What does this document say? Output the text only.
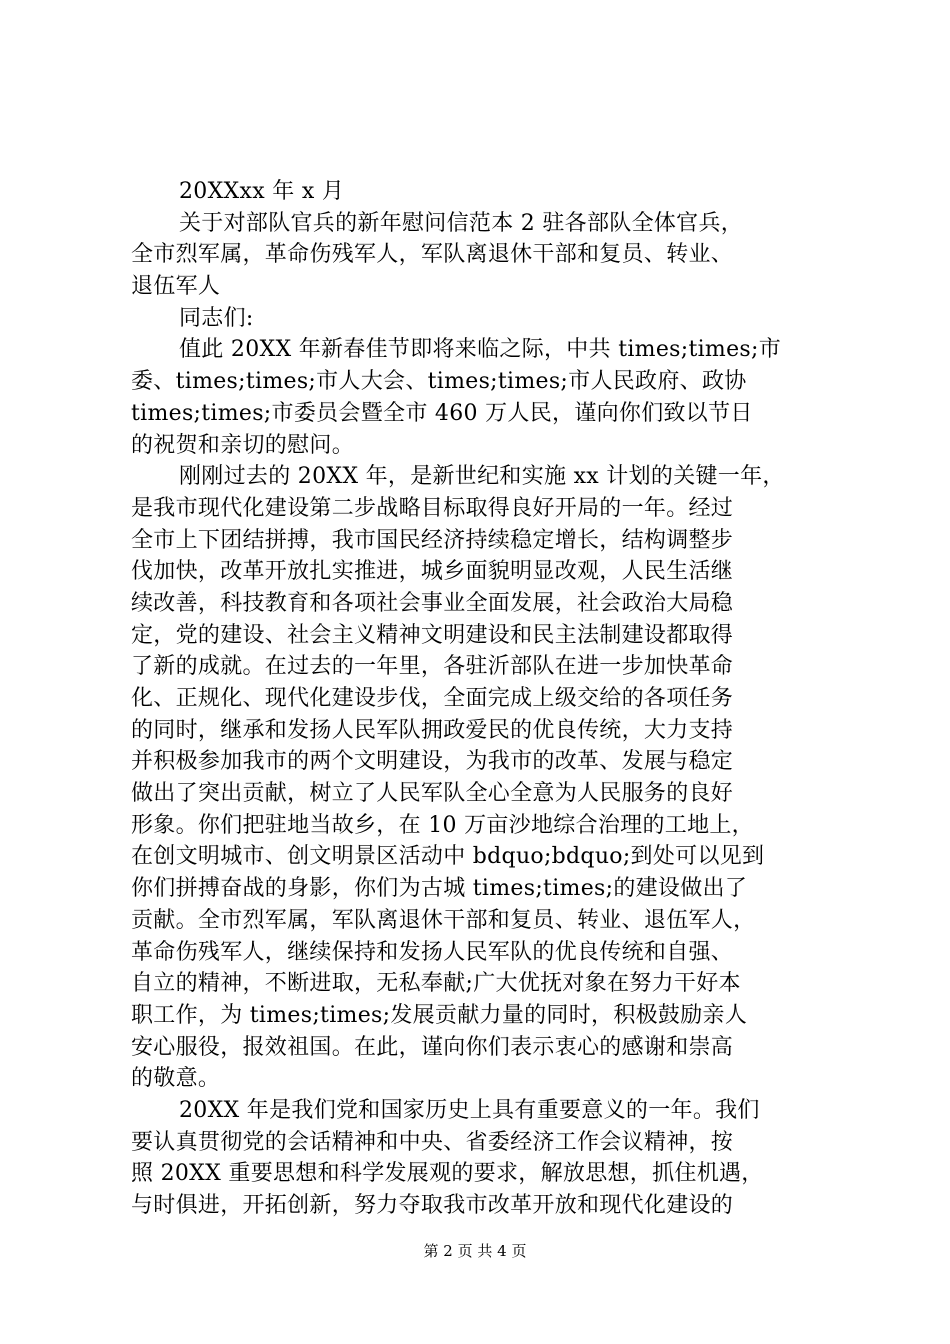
20XXxx 年 x 月
关于对部队官兵的新年慰问信范本 2 驻各部队全体官兵，
全市烈军属，革命伤残军人，军队离退休干部和复员、转业、
退伍军人
同志们:
值此 20XX 年新春佳节即将来临之际，中共 times;times;市
委、times;times;市人大会、times;times;市人民政府、政协
times;times;市委员会暨全市 460 万人民，谨向你们致以节日
的祝贺和亲切的慰问。
刚刚过去的 20XX 年，是新世纪和实施 xx 计划的关键一年，
是我市现代化建设第二步战略目标取得良好开局的一年。经过
全市上下团结拼搏，我市国民经济持续稳定增长，结构调整步
伐加快，改革开放扎实推进，城乡面貌明显改观，人民生活继
续改善，科技教育和各项社会事业全面发展，社会政治大局稳
定，党的建设、社会主义精神文明建设和民主法制建设都取得
了新的成就。在过去的一年里，各驻沂部队在进一步加快革命
化、正规化、现代化建设步伐，全面完成上级交给的各项任务
的同时，继承和发扬人民军队拥政爱民的优良传统，大力支持
并积极参加我市的两个文明建设，为我市的改革、发展与稳定
做出了突出贡献，树立了人民军队全心全意为人民服务的良好
形象。你们把驻地当故乡，在 10 万亩沙地综合治理的工地上，
在创文明城市、创文明景区活动中 bdquo;bdquo;到处可以见到
你们拼搏奋战的身影，你们为古城 times;times;的建设做出了
贡献。全市烈军属，军队离退休干部和复员、转业、退伍军人，
革命伤残军人，继续保持和发扬人民军队的优良传统和自强、
自立的精神，不断进取，无私奉献;广大优抚对象在努力干好本
职工作，为 times;times;发展贡献力量的同时，积极鼓励亲人
安心服役，报效祖国。在此，谨向你们表示衷心的感谢和崇高
的敬意。
20XX 年是我们党和国家历史上具有重要意义的一年。我们
要认真贯彻党的会话精神和中央、省委经济工作会议精神，按
照 20XX 重要思想和科学发展观的要求，解放思想，抓住机遇，
与时俱进，开拓创新，努力夺取我市改革开放和现代化建设的
第 2 页 共 4 页
